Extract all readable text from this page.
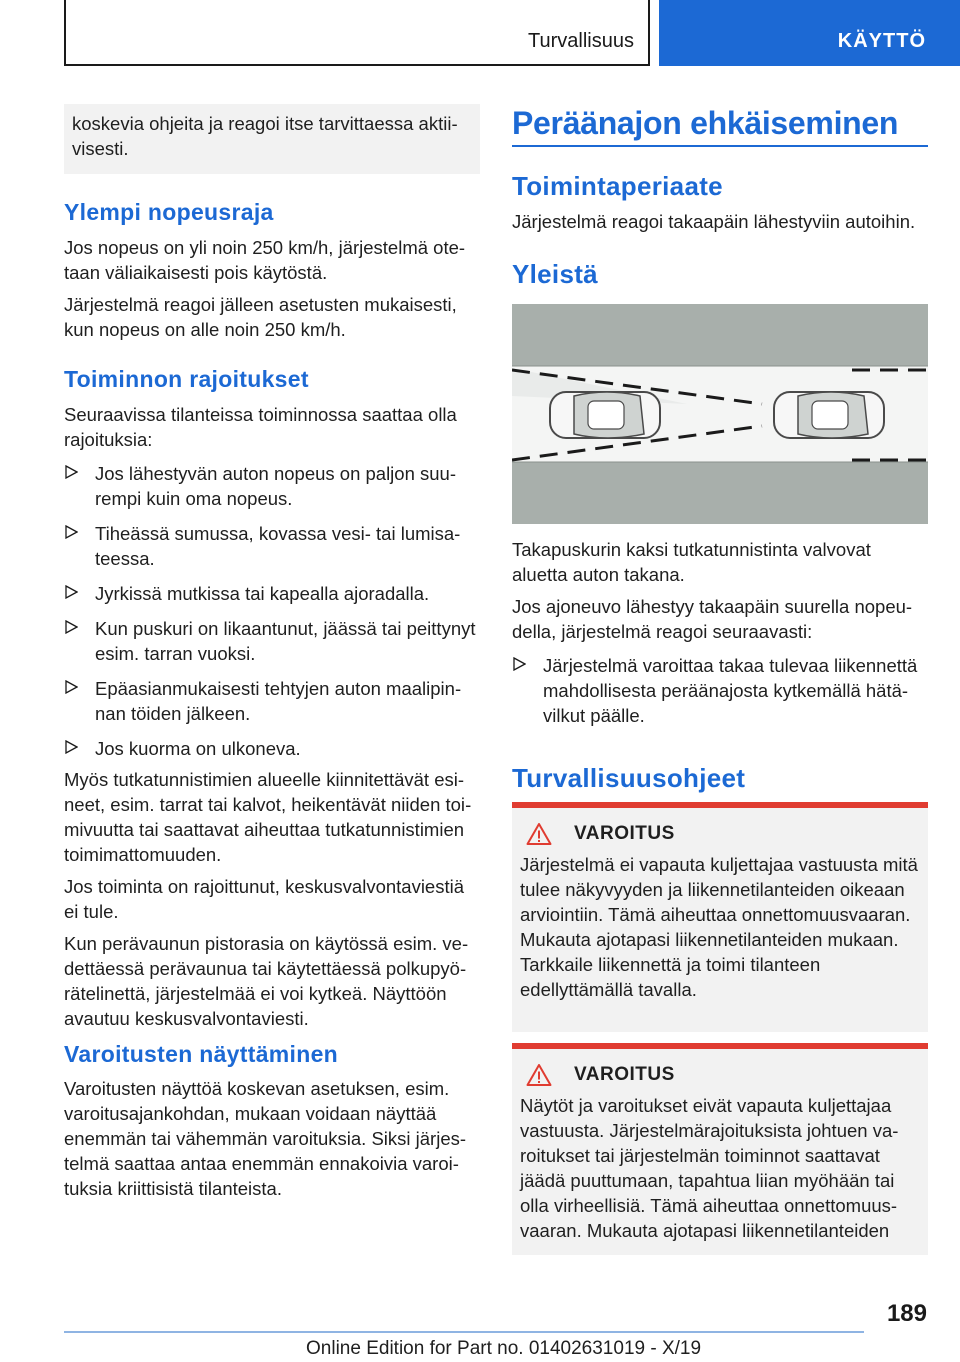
Turvallisuus	KÄYTTÖ

koskevia ohjeita ja reagoi itse tarvittaessa aktiivisesti.

Ylempi nopeusraja

Jos nopeus on yli noin 250 km/h, järjestelmä otetaan väliaikaisesti pois käytöstä.

Järjestelmä reagoi jälleen asetusten mukaisesti, kun nopeus on alle noin 250 km/h.

Toiminnon rajoitukset

Seuraavissa tilanteissa toiminnossa saattaa olla rajoituksia:

Jos lähestyvän auton nopeus on paljon suurempi kuin oma nopeus.
Tiheässä sumussa, kovassa vesi- tai lumisateessa.
Jyrkissä mutkissa tai kapealla ajoradalla.
Kun puskuri on likaantunut, jäässä tai peittynyt esim. tarran vuoksi.
Epäasianmukaisesti tehtyjen auton maalipinnan töiden jälkeen.
Jos kuorma on ulkoneva.

Myös tutkatunnistimien alueelle kiinnitettävät esineet, esim. tarrat tai kalvot, heikentävät niiden toimivuutta tai saattavat aiheuttaa tutkatunnistimien toimimattomuuden.

Jos toiminta on rajoittunut, keskusvalvontaviestiä ei tule.

Kun perävaunun pistorasia on käytössä esim. vedettäessä perävaunua tai käytettäessä polkupyörätelinettä, järjestelmää ei voi kytkeä. Näyttöön avautuu keskusvalvontaviesti.

Varoitusten näyttäminen

Varoitusten näyttöä koskevan asetuksen, esim. varoitusajankohdan, mukaan voidaan näyttää enemmän tai vähemmän varoituksia. Siksi järjestelmä saattaa antaa enemmän ennakoivia varoituksia kriittisistä tilanteista.

Peräänajon ehkäiseminen
Toimintaperiaate

Järjestelmä reagoi takaapäin lähestyviin autoihin.

Yleistä

Takapuskurin kaksi tutkatunnistinta valvovat aluetta auton takana.

Jos ajoneuvo lähestyy takaapäin suurella nopeudella, järjestelmä reagoi seuraavasti:

Järjestelmä varoittaa takaa tulevaa liikennettä mahdollisesta peräänajosta kytkemällä hätävilkut päälle.
Turvallisuusohjeet
VAROITUS

Järjestelmä ei vapauta kuljettajaa vastuusta mitä tulee näkyvyyden ja liikennetilanteiden oikeaan arviointiin. Tämä aiheuttaa onnettomuusvaaran. Mukauta ajotapasi liikennetilanteiden mukaan. Tarkkaile liikennettä ja toimi tilanteen edellyttämällä tavalla.

VAROITUS

Näytöt ja varoitukset eivät vapauta kuljettajaa vastuusta. Järjestelmärajoituksista johtuen varoitukset tai järjestelmän toiminnot saattavat jäädä puuttumaan, tapahtua liian myöhään tai olla virheellisiä. Tämä aiheuttaa onnettomuusvaaran. Mukauta ajotapasi liikennetilanteiden

189
Online Edition for Part no. 01402631019 - X/19
